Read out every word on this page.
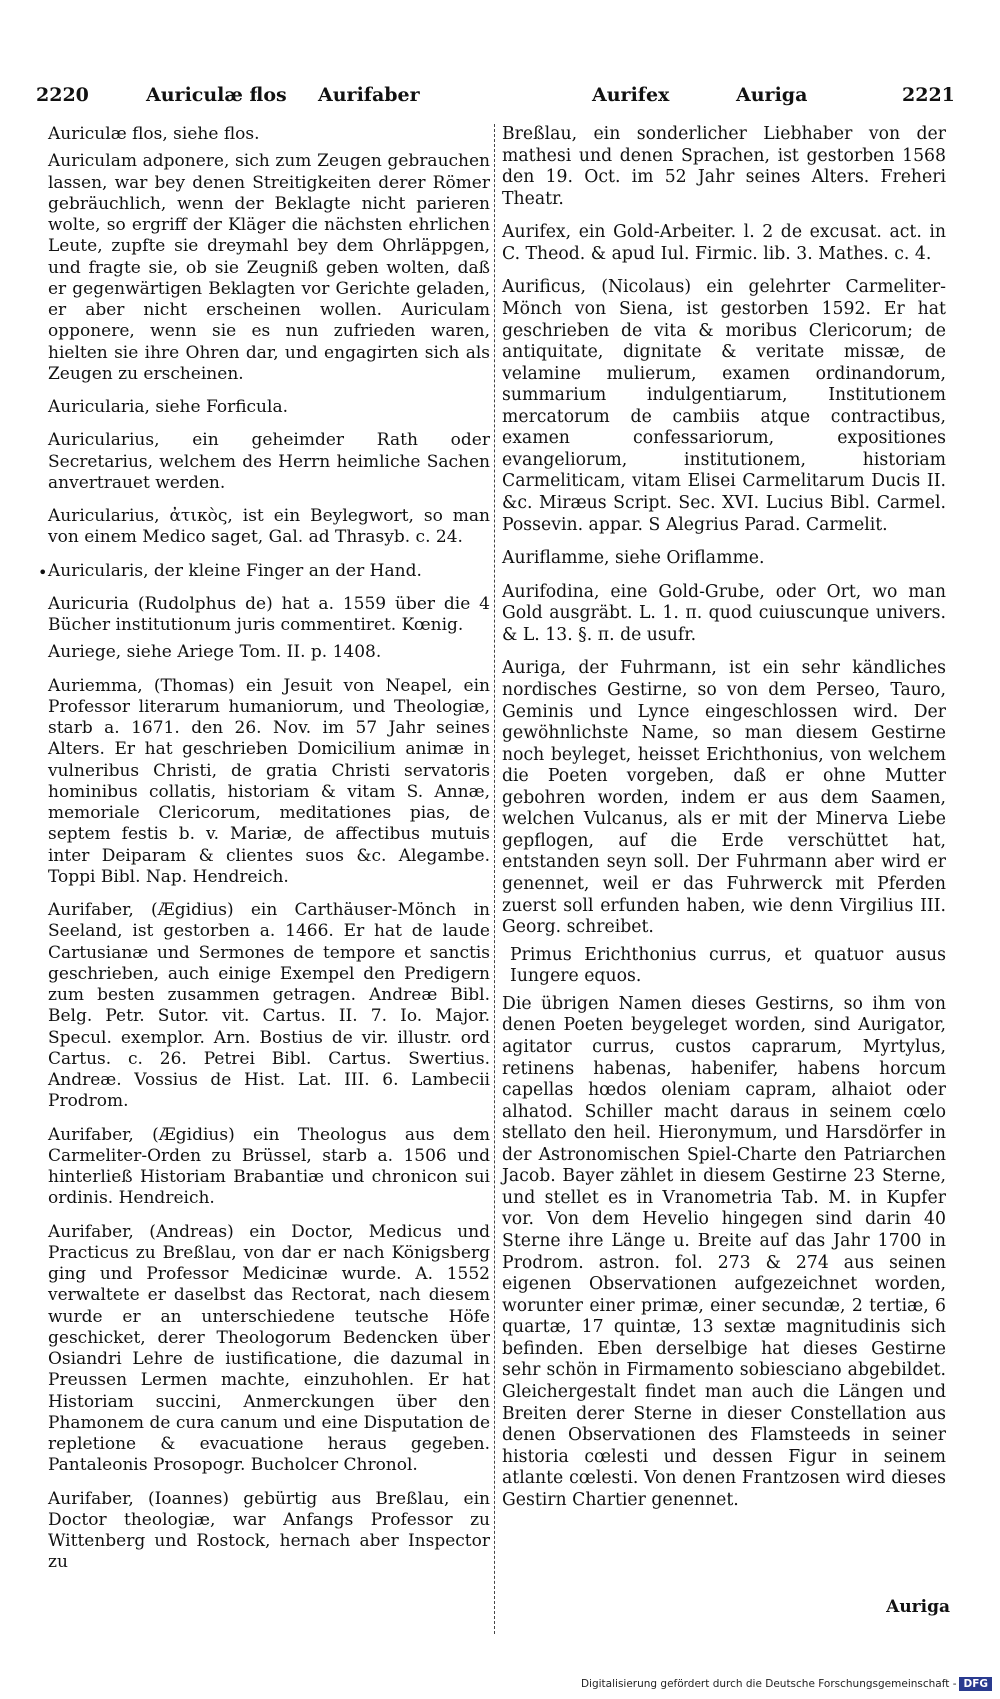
2220	Auriculæ flos Aurifaber	Aurifex	Auriga	2221
•

Auriculæ flos, siehe flos.

Auriculam adponere, sich zum Zeugen gebrauchen lassen, war bey denen Streitigkeiten derer Römer gebräuchlich, wenn der Beklagte nicht parieren wolte, so ergriff der Kläger die nächsten ehrlichen Leute, zupfte sie dreymahl bey dem Ohrläppgen, und fragte sie, ob sie Zeugniß geben wolten, daß er gegenwärtigen Beklagten vor Gerichte geladen, er aber nicht erscheinen wollen. Auriculam opponere, wenn sie es nun zufrieden waren, hielten sie ihre Ohren dar, und engagirten sich als Zeugen zu erscheinen.

Auricularia, siehe Forficula.

Auricularius, ein geheimder Rath oder Secretarius, welchem des Herrn heimliche Sachen anvertrauet werden.

Auricularius, ἀτικὸς, ist ein Beylegwort, so man von einem Medico saget, Gal. ad Thrasyb. c. 24.

Auricularis, der kleine Finger an der Hand.

Auricuria (Rudolphus de) hat a. 1559 über die 4 Bücher institutionum juris commentiret. Kœnig.

Auriege, siehe Ariege Tom. II. p. 1408.

Auriemma, (Thomas) ein Jesuit von Neapel, ein Professor literarum humaniorum, und Theologiæ, starb a. 1671. den 26. Nov. im 57 Jahr seines Alters. Er hat geschrieben Domicilium animæ in vulneribus Christi, de gratia Christi servatoris hominibus collatis, historiam & vitam S. Annæ, memoriale Clericorum, meditationes pias, de septem festis b. v. Mariæ, de affectibus mutuis inter Deiparam & clientes suos &c. Alegambe. Toppi Bibl. Nap. Hendreich.

Aurifaber, (Ægidius) ein Carthäuser-Mönch in Seeland, ist gestorben a. 1466. Er hat de laude Cartusianæ und Sermones de tempore et sanctis geschrieben, auch einige Exempel den Predigern zum besten zusammen getragen. Andreæ Bibl. Belg. Petr. Sutor. vit. Cartus. II. 7. Io. Major. Specul. exemplor. Arn. Bostius de vir. illustr. ord Cartus. c. 26. Petrei Bibl. Cartus. Swertius. Andreæ. Vossius de Hist. Lat. III. 6. Lambecii Prodrom.

Aurifaber, (Ægidius) ein Theologus aus dem Carmeliter-Orden zu Brüssel, starb a. 1506 und hinterließ Historiam Brabantiæ und chronicon sui ordinis. Hendreich.

Aurifaber, (Andreas) ein Doctor, Medicus und Practicus zu Breßlau, von dar er nach Königsberg ging und Professor Medicinæ wurde. A. 1552 verwaltete er daselbst das Rectorat, nach diesem wurde er an unterschiedene teutsche Höfe geschicket, derer Theologorum Bedencken über Osiandri Lehre de iustificatione, die dazumal in Preussen Lermen machte, einzuhohlen. Er hat Historiam succini, Anmerckungen über den Phamonem de cura canum und eine Disputation de repletione & evacuatione heraus gegeben. Pantaleonis Prosopogr. Bucholcer Chronol.

Aurifaber, (Ioannes) gebürtig aus Breßlau, ein Doctor theologiæ, war Anfangs Professor zu Wittenberg und Rostock, hernach aber Inspector zu

Breßlau, ein sonderlicher Liebhaber von der mathesi und denen Sprachen, ist gestorben 1568 den 19. Oct. im 52 Jahr seines Alters. Freheri Theatr.

Aurifex, ein Gold-Arbeiter. l. 2 de excusat. act. in C. Theod. & apud Iul. Firmic. lib. 3. Mathes. c. 4.

Aurificus, (Nicolaus) ein gelehrter Carmeliter-Mönch von Siena, ist gestorben 1592. Er hat geschrieben de vita & moribus Clericorum; de antiquitate, dignitate & veritate missæ, de velamine mulierum, examen ordinandorum, summarium indulgentiarum, Institutionem mercatorum de cambiis atque contractibus, examen confessariorum, expositiones evangeliorum, institutionem, historiam Carmeliticam, vitam Elisei Carmelitarum Ducis II. &c. Miræus Script. Sec. XVI. Lucius Bibl. Carmel. Possevin. appar. S Alegrius Parad. Carmelit.

Auriflamme, siehe Oriflamme.

Aurifodina, eine Gold-Grube, oder Ort, wo man Gold ausgräbt. L. 1. π. quod cuiuscunque univers. & L. 13. §. π. de usufr.

Auriga, der Fuhrmann, ist ein sehr kändliches nordisches Gestirne, so von dem Perseo, Tauro, Geminis und Lynce eingeschlossen wird. Der gewöhnlichste Name, so man diesem Gestirne noch beyleget, heisset Erichthonius, von welchem die Poeten vorgeben, daß er ohne Mutter gebohren worden, indem er aus dem Saamen, welchen Vulcanus, als er mit der Minerva Liebe gepflogen, auf die Erde verschüttet hat, entstanden seyn soll. Der Fuhrmann aber wird er genennet, weil er das Fuhrwerck mit Pferden zuerst soll erfunden haben, wie denn Virgilius III. Georg. schreibet.

Primus Erichthonius currus, et quatuor ausus Iungere equos.

Die übrigen Namen dieses Gestirns, so ihm von denen Poeten beygeleget worden, sind Aurigator, agitator currus, custos caprarum, Myrtylus, retinens habenas, habenifer, habens horcum capellas hœdos oleniam capram, alhaiot oder alhatod. Schiller macht daraus in seinem cœlo stellato den heil. Hieronymum, und Harsdörfer in der Astronomischen Spiel-Charte den Patriarchen Jacob. Bayer zählet in diesem Gestirne 23 Sterne, und stellet es in Vranometria Tab. M. in Kupfer vor. Von dem Hevelio hingegen sind darin 40 Sterne ihre Länge u. Breite auf das Jahr 1700 in Prodrom. astron. fol. 273 & 274 aus seinen eigenen Observationen aufgezeichnet worden, worunter einer primæ, einer secundæ, 2 tertiæ, 6 quartæ, 17 quintæ, 13 sextæ magnitudinis sich befinden. Eben derselbige hat dieses Gestirne sehr schön in Firmamento sobiesciano abgebildet. Gleichergestalt findet man auch die Längen und Breiten derer Sterne in dieser Constellation aus denen Observationen des Flamsteeds in seiner historia cœlesti und dessen Figur in seinem atlante cœlesti. Von denen Frantzosen wird dieses Gestirn Chartier genennet.

Auriga
Digitalisierung gefördert durch die Deutsche Forschungsgemeinschaft - DFG
